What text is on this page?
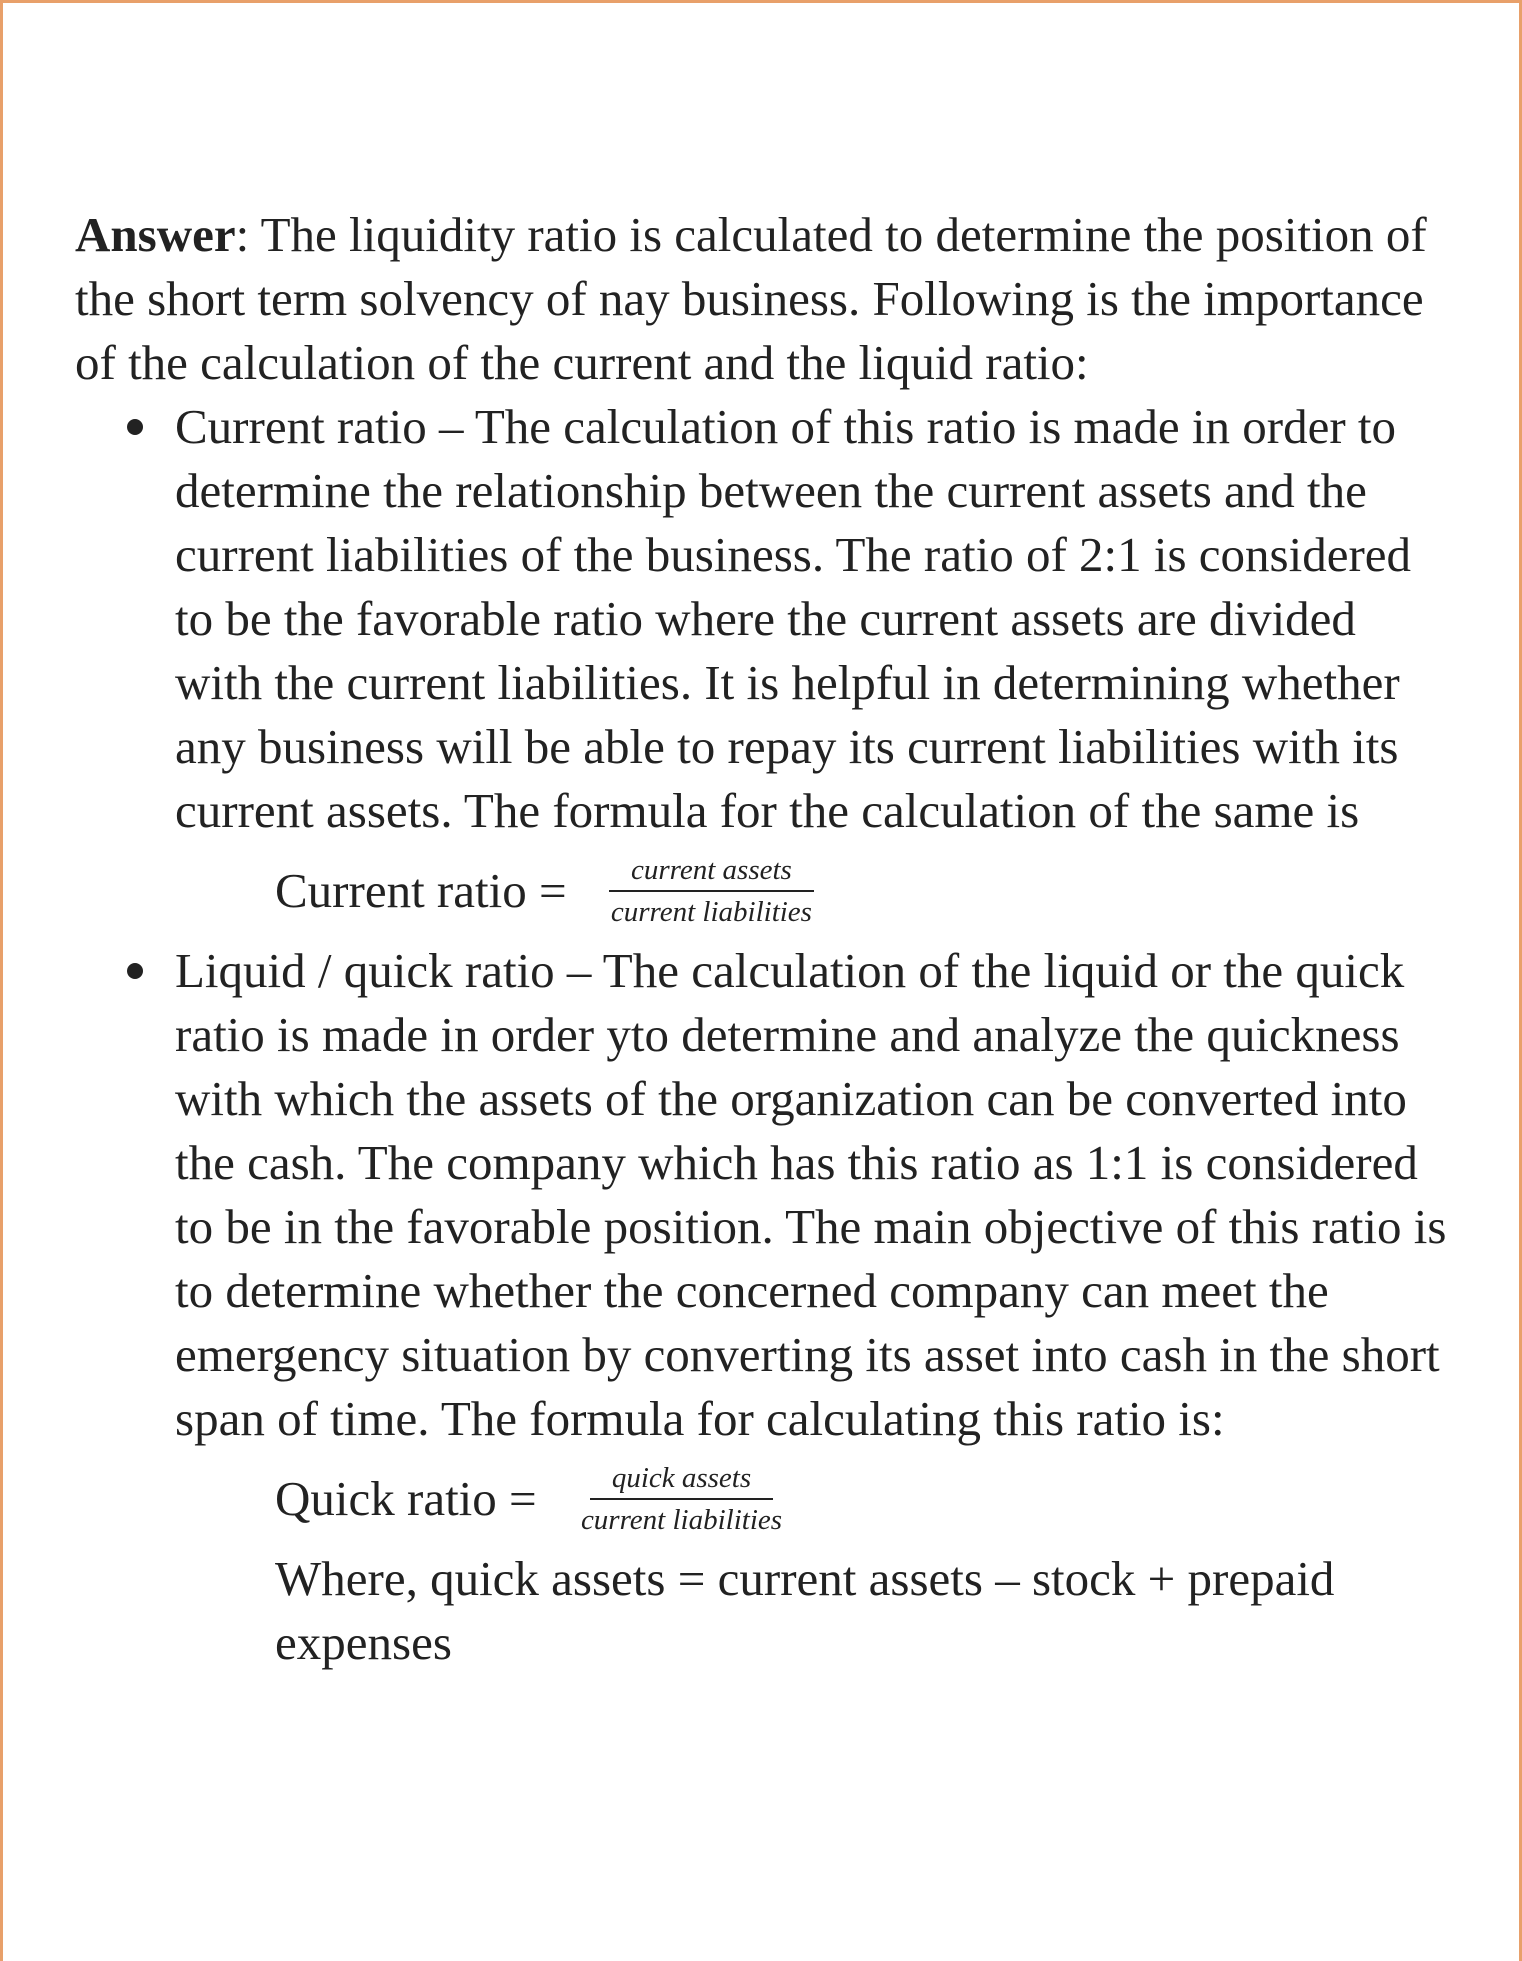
Answer: The liquidity ratio is calculated to determine the position of the short term solvency of nay business. Following is the importance of the calculation of the current and the liquid ratio:
Current ratio – The calculation of this ratio is made in order to determine the relationship between the current assets and the current liabilities of the business. The ratio of 2:1 is considered to be the favorable ratio where the current assets are divided with the current liabilities. It is helpful in determining whether any business will be able to repay its current liabilities with its current assets. The formula for the calculation of the same is
Current ratio = $\frac{\text{current assets}}{\text{current liabilities}}$
Liquid / quick ratio – The calculation of the liquid or the quick ratio is made in order yto determine and analyze the quickness with which the assets of the organization can be converted into the cash. The company which has this ratio as 1:1 is considered to be in the favorable position. The main objective of this ratio is to determine whether the concerned company can meet the emergency situation by converting its asset into cash in the short span of time. The formula for calculating this ratio is:
Quick ratio = $\frac{\text{quick assets}}{\text{current liabilities}}$
Where, quick assets = current assets – stock + prepaid expenses
